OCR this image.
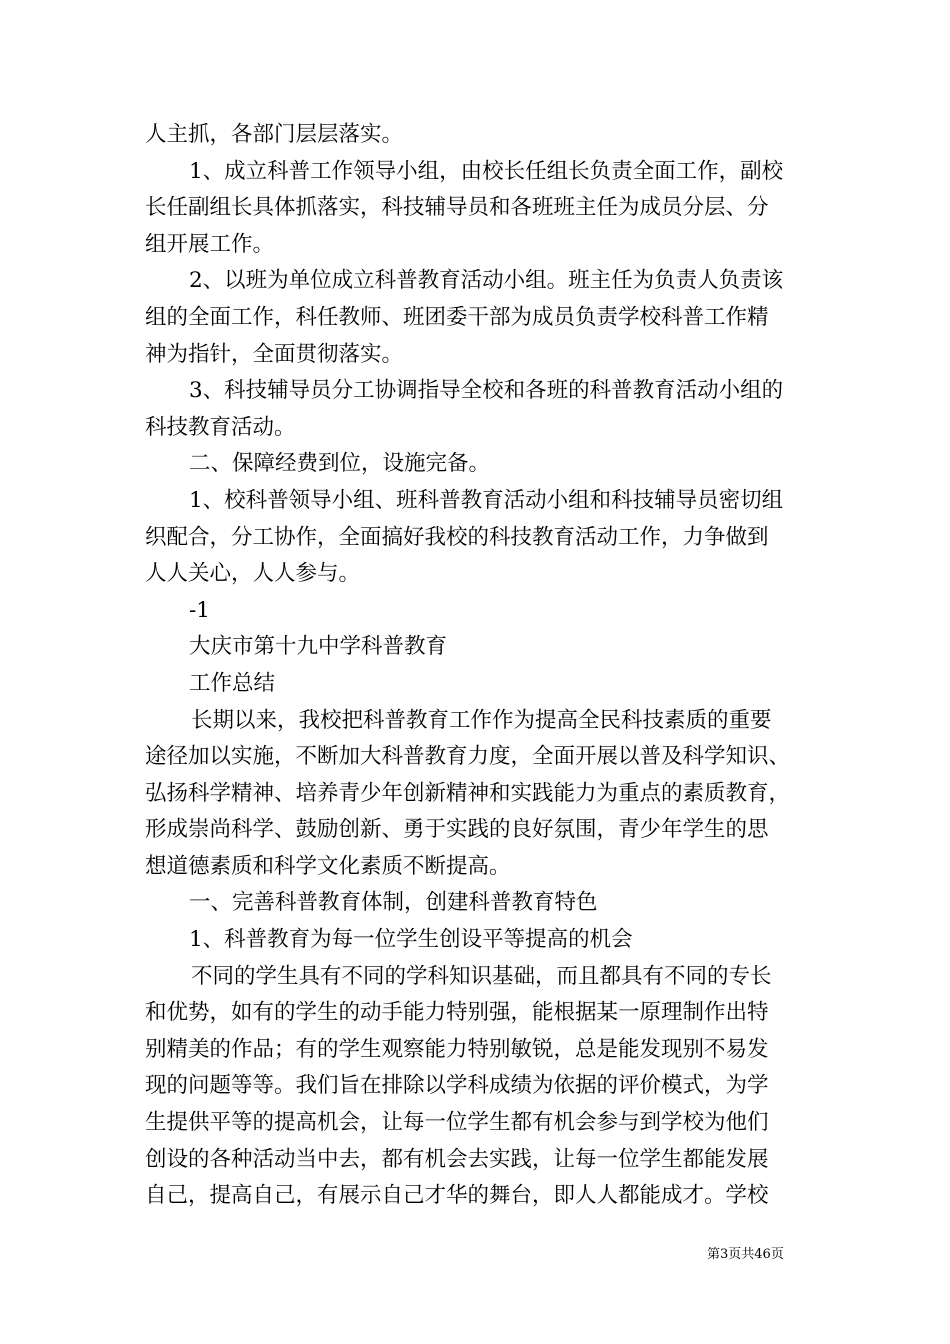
人主抓，各部门层层落实。
1、成立科普工作领导小组，由校长任组长负责全面工作，副校
长任副组长具体抓落实，科技辅导员和各班班主任为成员分层、分
组开展工作。
2、以班为单位成立科普教育活动小组。班主任为负责人负责该
组的全面工作，科任教师、班团委干部为成员负责学校科普工作精
神为指针，全面贯彻落实。
3、科技辅导员分工协调指导全校和各班的科普教育活动小组的
科技教育活动。
二、保障经费到位，设施完备。
1、校科普领导小组、班科普教育活动小组和科技辅导员密切组
织配合，分工协作，全面搞好我校的科技教育活动工作，力争做到
人人关心，人人参与。
-1
大庆市第十九中学科普教育
工作总结
长期以来，我校把科普教育工作作为提高全民科技素质的重要
途径加以实施，不断加大科普教育力度，全面开展以普及科学知识、
弘扬科学精神、培养青少年创新精神和实践能力为重点的素质教育，
形成崇尚科学、鼓励创新、勇于实践的良好氛围，青少年学生的思
想道德素质和科学文化素质不断提高。
一、完善科普教育体制，创建科普教育特色
1、科普教育为每一位学生创设平等提高的机会
不同的学生具有不同的学科知识基础，而且都具有不同的专长
和优势，如有的学生的动手能力特别强，能根据某一原理制作出特
别精美的作品；有的学生观察能力特别敏锐，总是能发现别不易发
现的问题等等。我们旨在排除以学科成绩为依据的评价模式，为学
生提供平等的提高机会，让每一位学生都有机会参与到学校为他们
创设的各种活动当中去，都有机会去实践，让每一位学生都能发展
自己，提高自己，有展示自己才华的舞台，即人人都能成才。学校
第3页共46页
